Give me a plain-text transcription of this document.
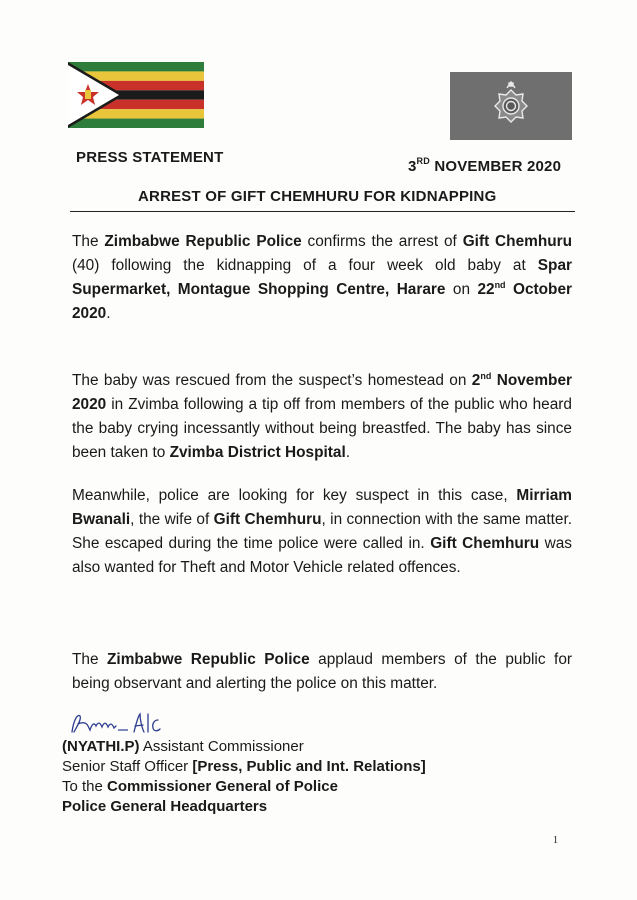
PRESS STATEMENT
3RD NOVEMBER 2020
ARREST OF GIFT CHEMHURU FOR KIDNAPPING
The Zimbabwe Republic Police confirms the arrest of Gift Chemhuru (40) following the kidnapping of a four week old baby at Spar Supermarket, Montague Shopping Centre, Harare on 22nd October 2020.
The baby was rescued from the suspect’s homestead on 2nd November 2020 in Zvimba following a tip off from members of the public who heard the baby crying incessantly without being breastfed. The baby has since been taken to Zvimba District Hospital.
Meanwhile, police are looking for key suspect in this case, Mirriam Bwanali, the wife of Gift Chemhuru, in connection with the same matter. She escaped during the time police were called in. Gift Chemhuru was also wanted for Theft and Motor Vehicle related offences.
The Zimbabwe Republic Police applaud members of the public for being observant and alerting the police on this matter.
(NYATHI.P) Assistant Commissioner
Senior Staff Officer [Press, Public and Int. Relations]
To the Commissioner General of Police
Police General Headquarters
1
